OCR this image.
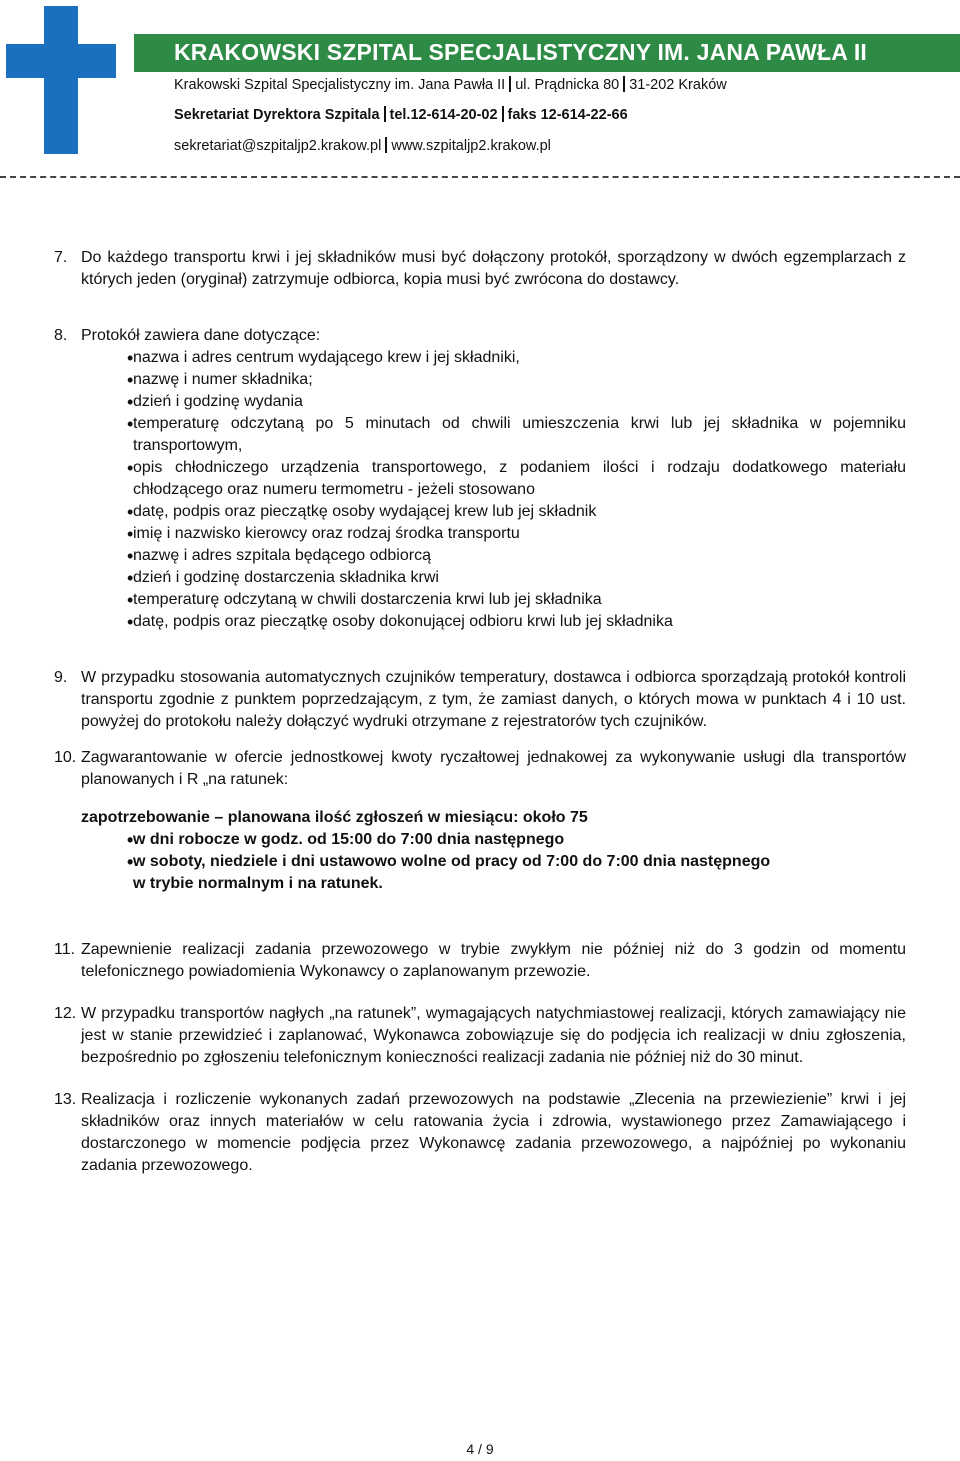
KRAKOWSKI SZPITAL SPECJALISTYCZNY IM. JANA PAWŁA II
Krakowski Szpital Specjalistyczny im. Jana Pawła II ul. Prądnicka 80 31-202 Kraków
Sekretariat Dyrektora Szpitala tel.12-614-20-02 faks 12-614-22-66
sekretariat@szpitaljp2.krakow.pl www.szpitaljp2.krakow.pl
7. Do każdego transportu krwi i jej składników musi być dołączony protokół, sporządzony w dwóch egzemplarzach z których jeden (oryginał) zatrzymuje odbiorca, kopia musi być zwrócona do dostawcy.
8. Protokół zawiera dane dotyczące:
• nazwa i adres centrum wydającego krew i jej składniki,
• nazwę i numer składnika;
• dzień i godzinę wydania
• temperaturę odczytaną po 5 minutach od chwili umieszczenia krwi lub jej składnika w pojemniku transportowym,
• opis chłodniczego urządzenia transportowego, z podaniem ilości i rodzaju dodatkowego materiału chłodzącego oraz numeru termometru - jeżeli stosowano
• datę, podpis oraz pieczątkę osoby wydającej krew lub jej składnik
• imię i nazwisko kierowcy oraz rodzaj środka transportu
• nazwę i adres szpitala będącego odbiorcą
• dzień i godzinę dostarczenia składnika krwi
• temperaturę odczytaną w chwili dostarczenia krwi lub jej składnika
• datę, podpis oraz pieczątkę osoby dokonującej odbioru krwi lub jej składnika
9. W przypadku stosowania automatycznych czujników temperatury, dostawca i odbiorca sporządzają protokół kontroli transportu zgodnie z punktem poprzedzającym, z tym, że zamiast danych, o których mowa w punktach 4 i 10 ust. powyżej do protokołu należy dołączyć wydruki otrzymane z rejestratorów tych czujników.
10. Zagwarantowanie w ofercie jednostkowej kwoty ryczałtowej jednakowej za wykonywanie usługi dla transportów planowanych i R „na ratunek:
zapotrzebowanie – planowana ilość zgłoszeń w miesiącu: około 75
• w dni robocze w godz. od 15:00 do 7:00 dnia następnego
• w soboty, niedziele i dni ustawowo wolne od pracy od 7:00 do 7:00 dnia następnego
w trybie normalnym i na ratunek.
11. Zapewnienie realizacji zadania przewozowego w trybie zwykłym nie później niż do 3 godzin od momentu telefonicznego powiadomienia Wykonawcy o zaplanowanym przewozie.
12. W przypadku transportów nagłych „na ratunek”, wymagających natychmiastowej realizacji, których zamawiający nie jest w stanie przewidzieć i zaplanować, Wykonawca zobowiązuje się do podjęcia ich realizacji w dniu zgłoszenia, bezpośrednio po zgłoszeniu telefonicznym konieczności realizacji zadania nie później niż do 30 minut.
13. Realizacja i rozliczenie wykonanych zadań przewozowych na podstawie „Zlecenia na przewiezienie” krwi i jej składników oraz innych materiałów w celu ratowania życia i zdrowia, wystawionego przez Zamawiającego i dostarczonego w momencie podjęcia przez Wykonawcę zadania przewozowego, a najpóźniej po wykonaniu zadania przewozowego.
4 / 9
